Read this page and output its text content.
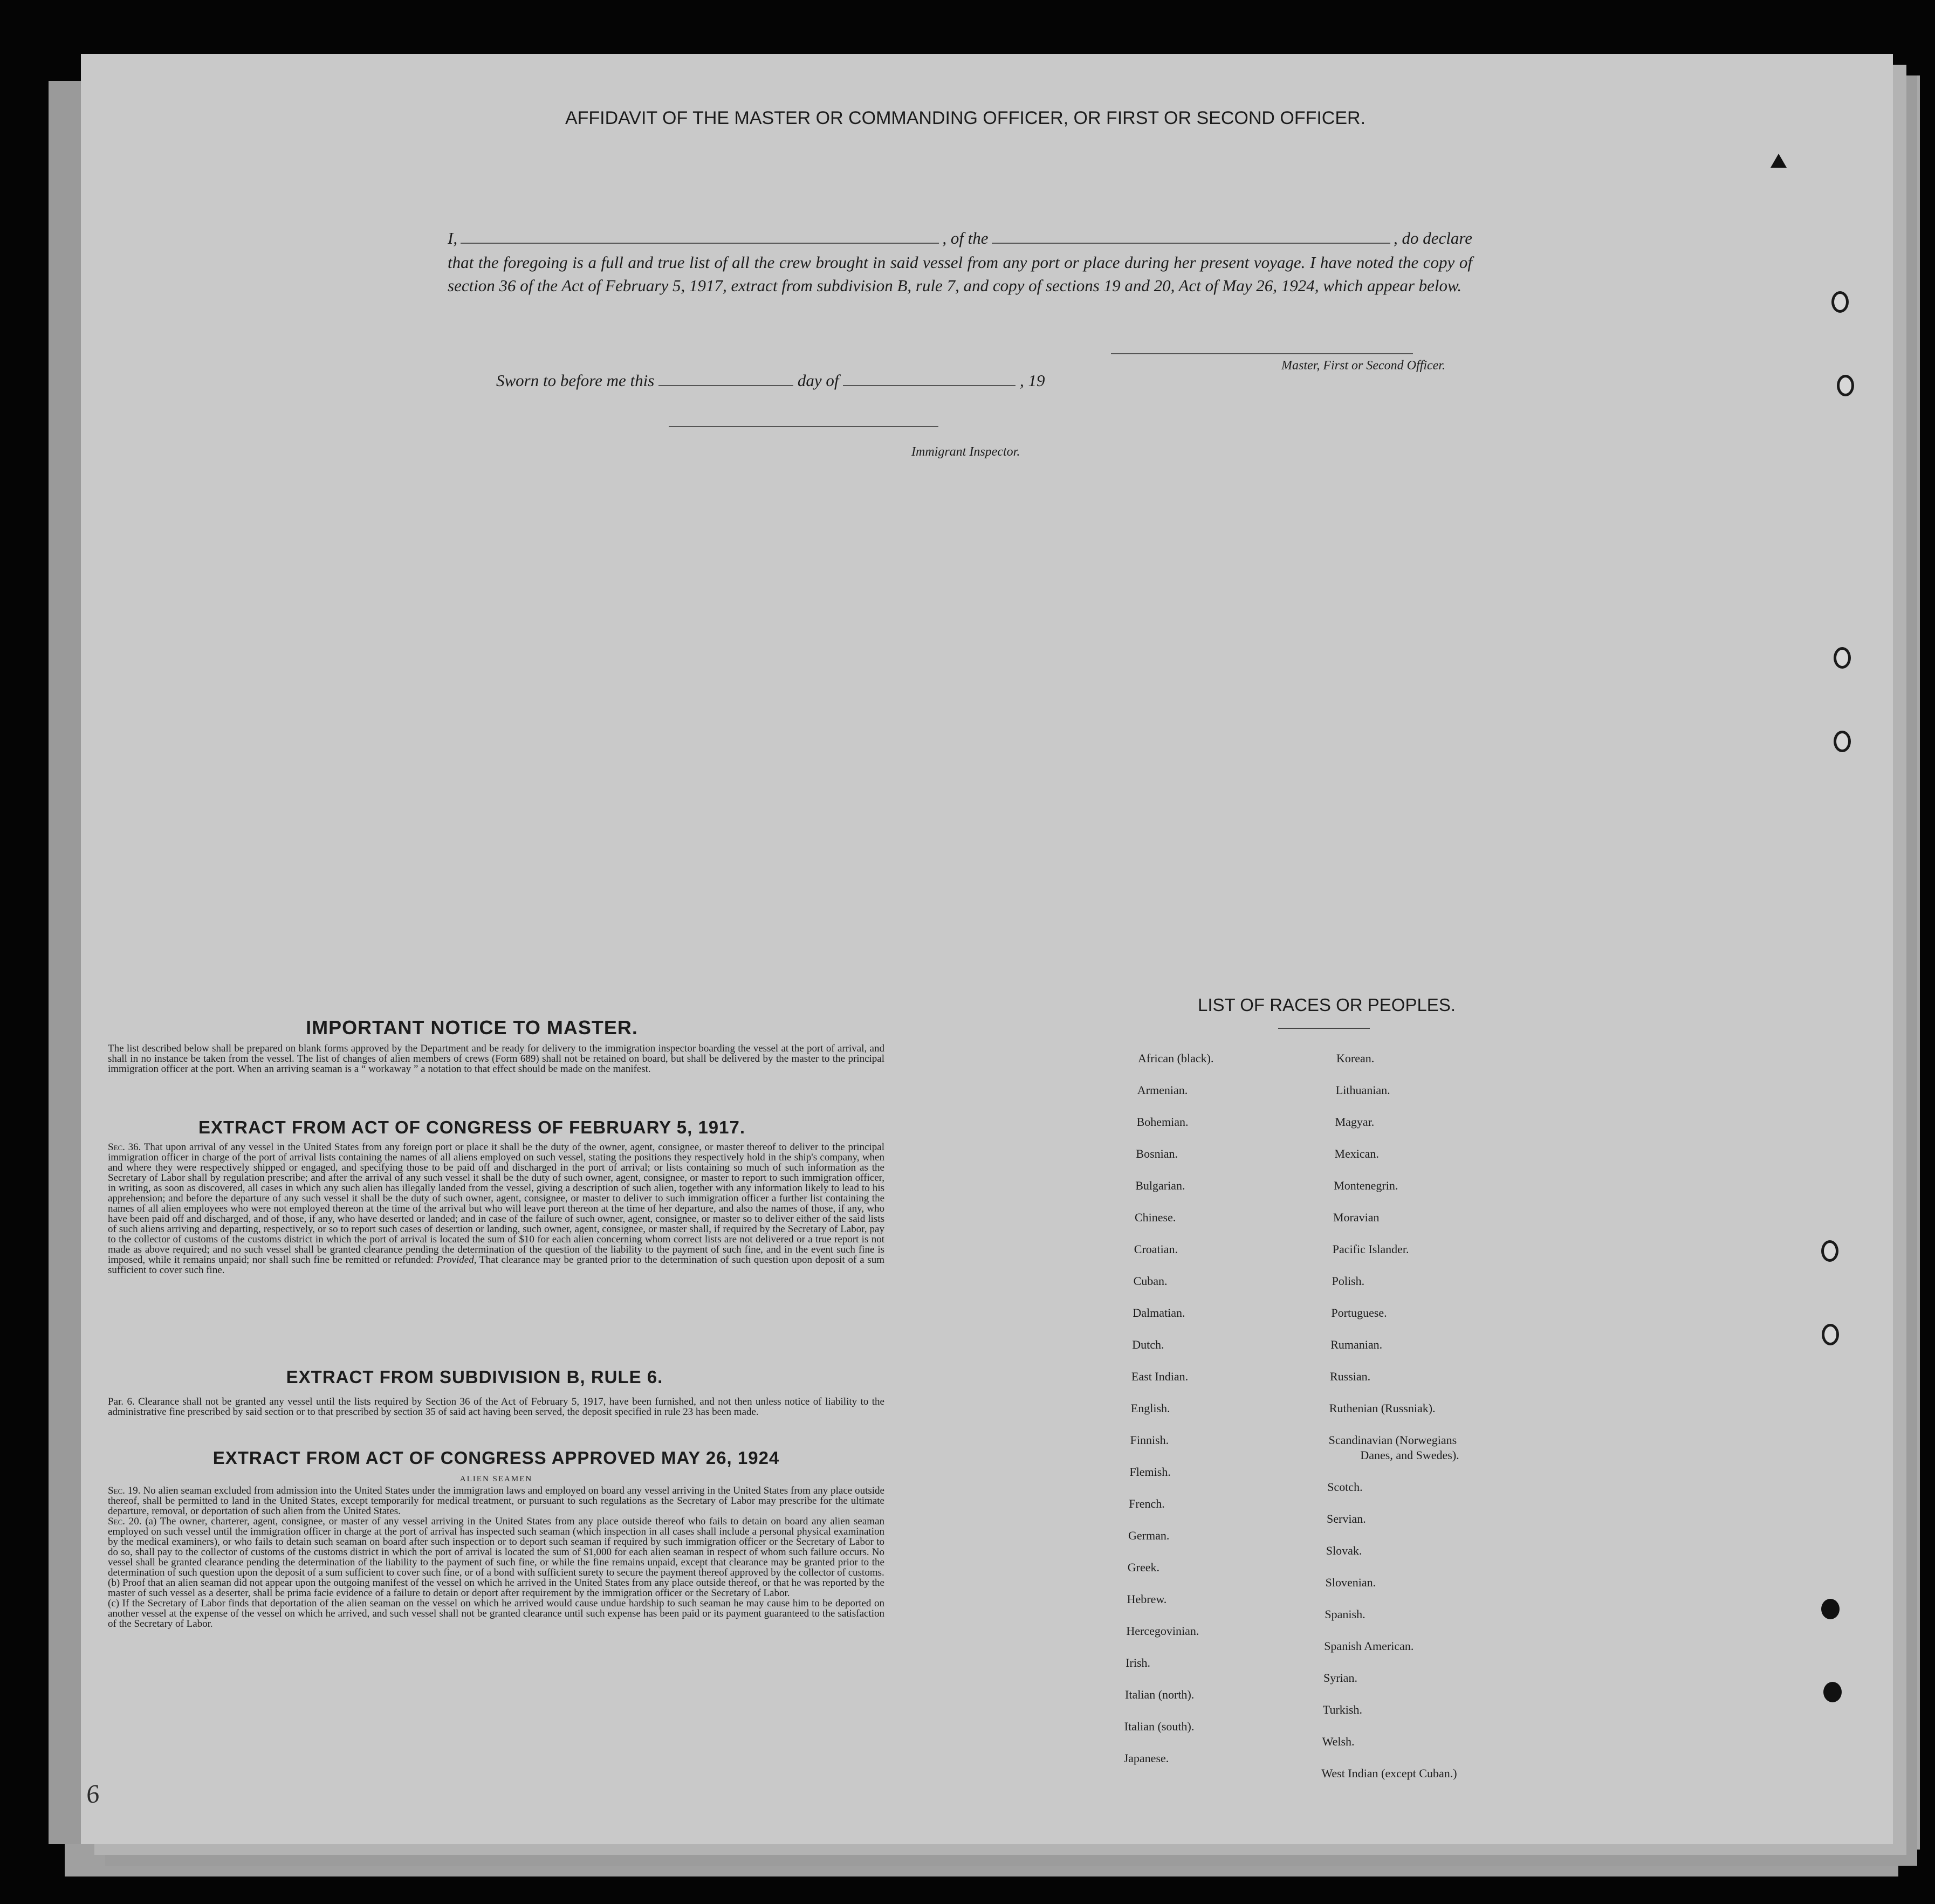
AFFIDAVIT OF THE MASTER OR COMMANDING OFFICER, OR FIRST OR SECOND OFFICER.
I,	, of the	, do declare
that the foregoing is a full and true list of all the crew brought in said vessel from any port or place during her present voyage. I have noted the copy of section 36 of the Act of February 5, 1917, extract from subdivision B, rule 7, and copy of sections 19 and 20, Act of May 26, 1924, which appear below.
Master, First or Second Officer.
Sworn to before me this	day of	, 19
Immigrant Inspector.
IMPORTANT NOTICE TO MASTER.
The list described below shall be prepared on blank forms approved by the Department and be ready for delivery to the immigration inspector boarding the vessel at the port of arrival, and shall in no instance be taken from the vessel. The list of changes of alien members of crews (Form 689) shall not be retained on board, but shall be delivered by the master to the principal immigration officer at the port. When an arriving seaman is a “ workaway ” a notation to that effect should be made on the manifest.
EXTRACT FROM ACT OF CONGRESS OF FEBRUARY 5, 1917.
Sec. 36. That upon arrival of any vessel in the United States from any foreign port or place it shall be the duty of the owner, agent, consignee, or master thereof to deliver to the principal immigration officer in charge of the port of arrival lists containing the names of all aliens employed on such vessel, stating the positions they respectively hold in the ship's company, when and where they were respectively shipped or engaged, and specifying those to be paid off and discharged in the port of arrival; or lists containing so much of such information as the Secretary of Labor shall by regulation prescribe; and after the arrival of any such vessel it shall be the duty of such owner, agent, consignee, or master to report to such immigration officer, in writing, as soon as discovered, all cases in which any such alien has illegally landed from the vessel, giving a description of such alien, together with any information likely to lead to his apprehension; and before the departure of any such vessel it shall be the duty of such owner, agent, consignee, or master to deliver to such immigration officer a further list containing the names of all alien employees who were not employed thereon at the time of the arrival but who will leave port thereon at the time of her departure, and also the names of those, if any, who have been paid off and discharged, and of those, if any, who have deserted or landed; and in case of the failure of such owner, agent, consignee, or master so to deliver either of the said lists of such aliens arriving and departing, respectively, or so to report such cases of desertion or landing, such owner, agent, consignee, or master shall, if required by the Secretary of Labor, pay to the collector of customs of the customs district in which the port of arrival is located the sum of $10 for each alien concerning whom correct lists are not delivered or a true report is not made as above required; and no such vessel shall be granted clearance pending the determination of the question of the liability to the payment of such fine, and in the event such fine is imposed, while it remains unpaid; nor shall such fine be remitted or refunded: Provided, That clearance may be granted prior to the determination of such question upon deposit of a sum sufficient to cover such fine.
EXTRACT FROM SUBDIVISION B, RULE 6.
Par. 6. Clearance shall not be granted any vessel until the lists required by Section 36 of the Act of February 5, 1917, have been furnished, and not then unless notice of liability to the administrative fine prescribed by said section or to that prescribed by section 35 of said act having been served, the deposit specified in rule 23 has been made.
EXTRACT FROM ACT OF CONGRESS APPROVED MAY 26, 1924
ALIEN SEAMEN
Sec. 19. No alien seaman excluded from admission into the United States under the immigration laws and employed on board any vessel arriving in the United States from any place outside thereof, shall be permitted to land in the United States, except temporarily for medical treatment, or pursuant to such regulations as the Secretary of Labor may prescribe for the ultimate departure, removal, or deportation of such alien from the United States.
Sec. 20. (a) The owner, charterer, agent, consignee, or master of any vessel arriving in the United States from any place outside thereof who fails to detain on board any alien seaman employed on such vessel until the immigration officer in charge at the port of arrival has inspected such seaman (which inspection in all cases shall include a personal physical examination by the medical examiners), or who fails to detain such seaman on board after such inspection or to deport such seaman if required by such immigration officer or the Secretary of Labor to do so, shall pay to the collector of customs of the customs district in which the port of arrival is located the sum of $1,000 for each alien seaman in respect of whom such failure occurs. No vessel shall be granted clearance pending the determination of the liability to the payment of such fine, or while the fine remains unpaid, except that clearance may be granted prior to the determination of such question upon the deposit of a sum sufficient to cover such fine, or of a bond with sufficient surety to secure the payment thereof approved by the collector of customs.
(b) Proof that an alien seaman did not appear upon the outgoing manifest of the vessel on which he arrived in the United States from any place outside thereof, or that he was reported by the master of such vessel as a deserter, shall be prima facie evidence of a failure to detain or deport after requirement by the immigration officer or the Secretary of Labor.
(c) If the Secretary of Labor finds that deportation of the alien seaman on the vessel on which he arrived would cause undue hardship to such seaman he may cause him to be deported on another vessel at the expense of the vessel on which he arrived, and such vessel shall not be granted clearance until such expense has been paid or its payment guaranteed to the satisfaction of the Secretary of Labor.
LIST OF RACES OR PEOPLES.
African (black).
Armenian.
Bohemian.
Bosnian.
Bulgarian.
Chinese.
Croatian.
Cuban.
Dalmatian.
Dutch.
East Indian.
English.
Finnish.
Flemish.
French.
German.
Greek.
Hebrew.
Hercegovinian.
Irish.
Italian (north).
Italian (south).
Japanese.
Korean.
Lithuanian.
Magyar.
Mexican.
Montenegrin.
Moravian
Pacific Islander.
Polish.
Portuguese.
Rumanian.
Russian.
Ruthenian (Russniak).
Scandinavian (Norwegians
Danes, and Swedes).
Scotch.
Servian.
Slovak.
Slovenian.
Spanish.
Spanish American.
Syrian.
Turkish.
Welsh.
West Indian (except Cuban.)
6
